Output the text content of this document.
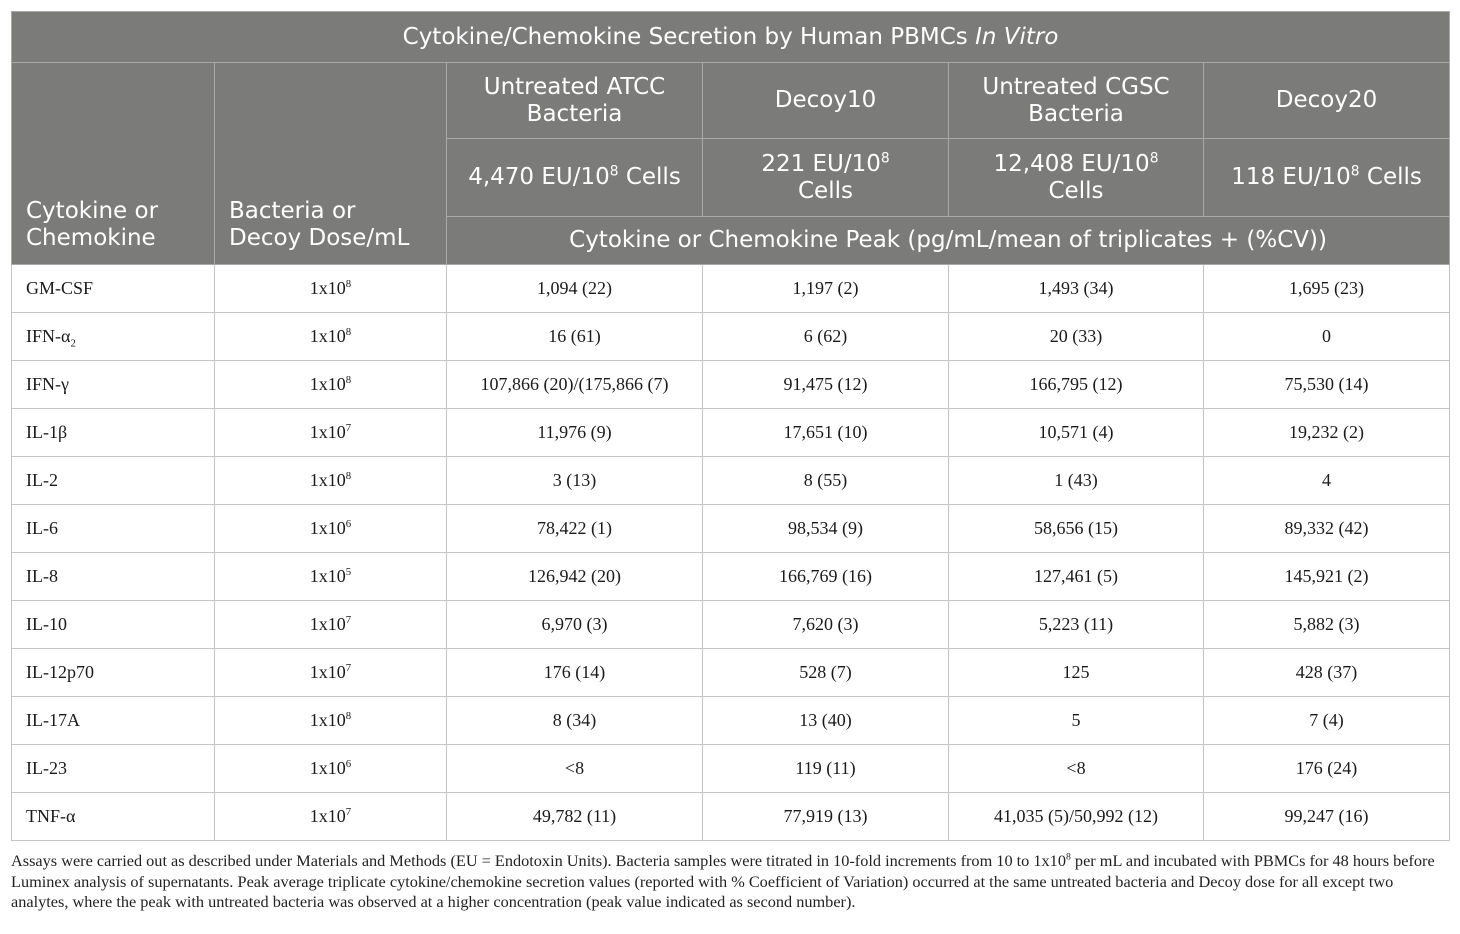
Cytokine/Chemokine Secretion by Human PBMCs In Vitro					

Cytokine or Chemokine	Bacteria or Decoy Dose/mL	Untreated ATCC Bacteria	Decoy10	Untreated CGSC Bacteria	Decoy20

		4,470 $EU/10^8$ Cells	221 $EU/10^8$ Cells	12,408 $EU/10^8$ Cells	118 $EU/10^8$ Cells
		Cytokine or Chemokine Peak (pg/mL/mean of triplicates + (%CV))			
GM-CSF	$1x10^8$	1,094 (22)	1,197 (2)	1,493 (34)	1,695 (23)
IFN-$\alpha_2$	$1x10^8$	16 (61)	6 (62)	20 (33)	0
IFN-γ	$1x10^8$	107,866 (20)/(175,866 (7)	91,475 (12)	166,795 (12)	75,530 (14)
IL-1β	$1x10^7$	11,976 (9)	17,651 (10)	10,571 (4)	19,232 (2)
IL-2	$1x10^8$	3 (13)	8 (55)	1 (43)	4
IL-6	$1x10^6$	78,422 (1)	98,534 (9)	58,656 (15)	89,332 (42)
IL-8	$1x10^5$	126,942 (20)	166,769 (16)	127,461 (5)	145,921 (2)
IL-10	$1x10^7$	6,970 (3)	7,620 (3)	5,223 (11)	5,882 (3)
IL-12p70	$1x10^7$	176 (14)	528 (7)	125	428 (37)
IL-17A	$1x10^8$	8 (34)	13 (40)	5	7 (4)
IL-23	$1x10^6$	<8	119 (11)	<8	176 (24)
TNF-α	$1x10^7$	49,782 (11)	77,919 (13)	41,035 (5)/50,992 (12)	99,247 (16)
Assays were carried out as described under Materials and Methods (EU = Endotoxin Units). Bacteria samples were titrated in 10-fold increments from 10 to $1x10^8$ per mL and incubated with PBMCs for 48 hours before Luminex analysis of supernatants. Peak average triplicate cytokine/chemokine secretion values (reported with % Coefficient of Variation) occurred at the same untreated bacteria and Decoy dose for all except two analytes, where the peak with untreated bacteria was observed at a higher concentration (peak value indicated as second number).
